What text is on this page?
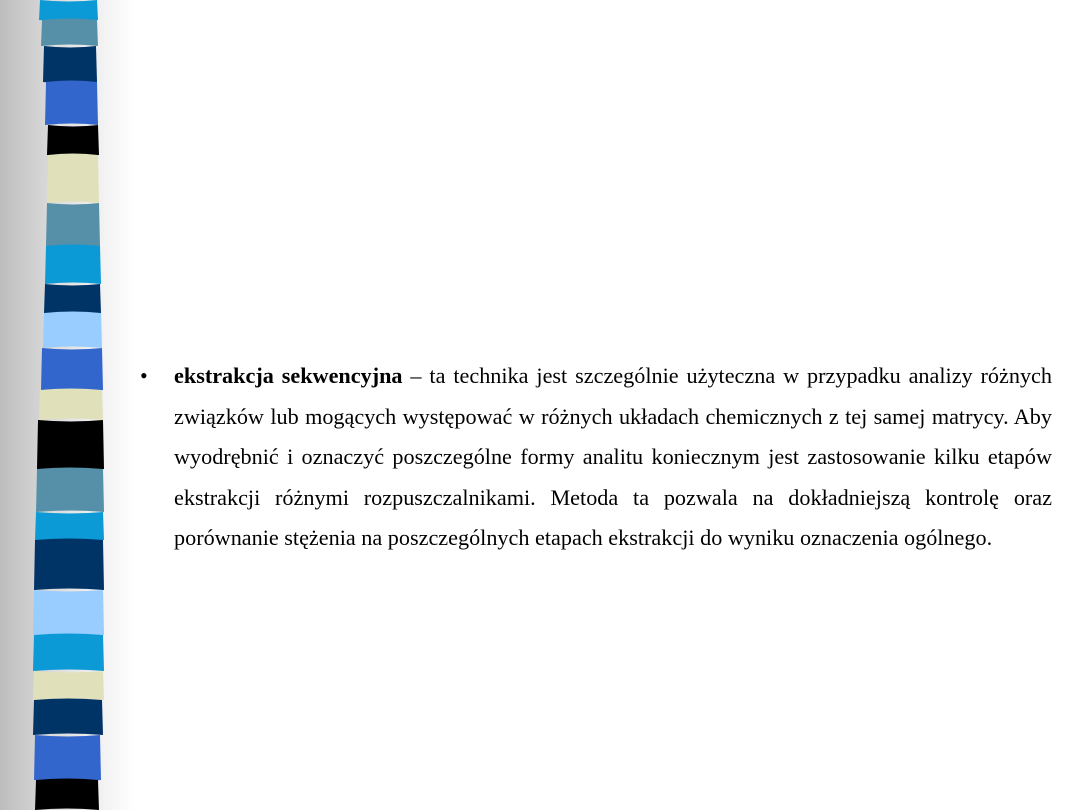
• ekstrakcja sekwencyjna – ta technika jest szczególnie użyteczna w przypadku analizy różnych związków lub mogących występować w różnych układach chemicznych z tej samej matrycy. Aby wyodrębnić i oznaczyć poszczególne formy analitu koniecznym jest zastosowanie kilku etapów ekstrakcji różnymi rozpuszczalnikami. Metoda ta pozwala na dokładniejszą kontrolę oraz porównanie stężenia na poszczególnych etapach ekstrakcji do wyniku oznaczenia ogólnego.
